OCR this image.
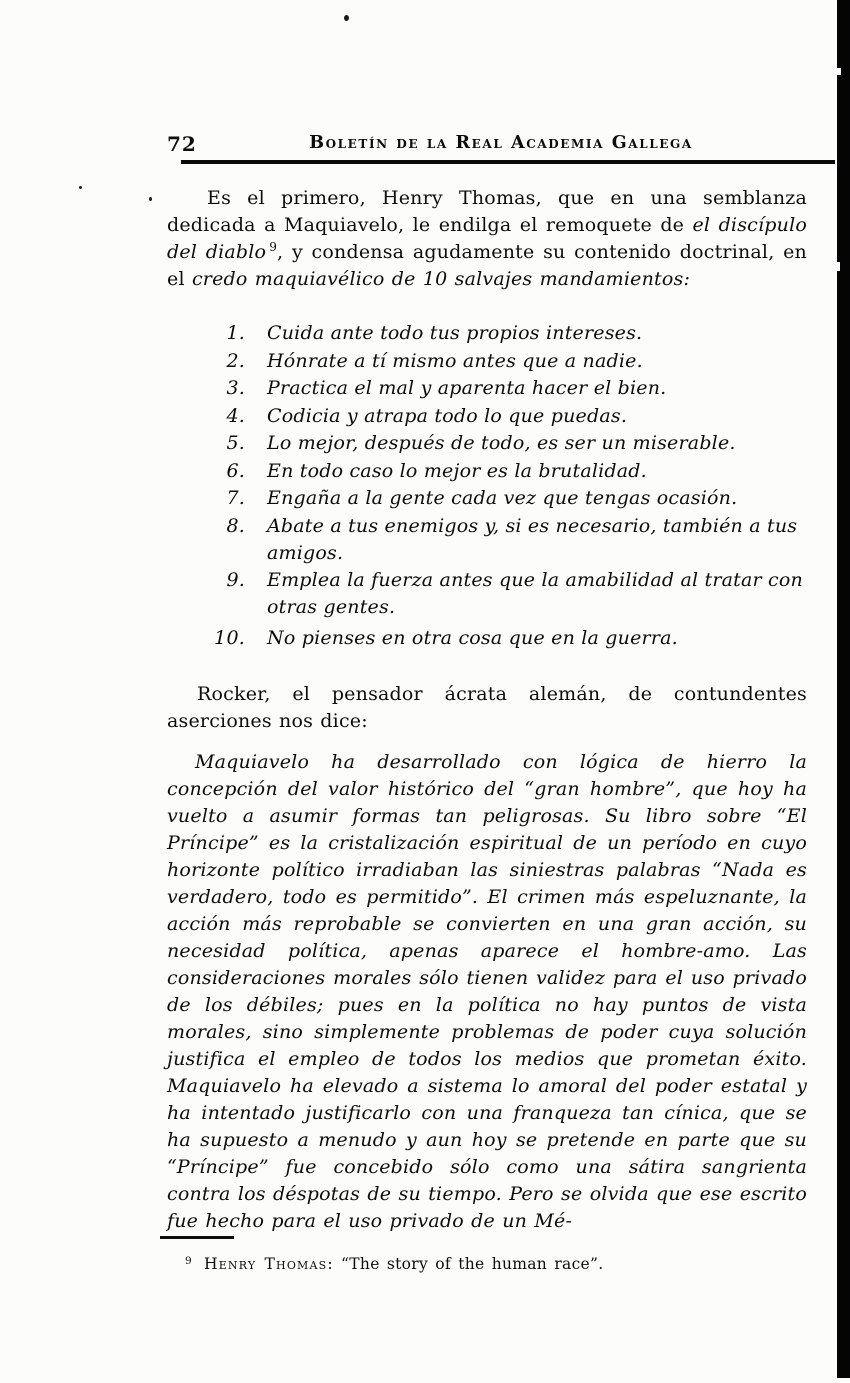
72	Boletín de la Real Academia Gallega

Es el primero, Henry Thomas, que en una semblanza dedicada a Maquiavelo, le endilga el remoquete de el discípulo del diablo $^9$, y condensa agudamente su contenido doctrinal, en el credo maquiavélico de 10 salvajes mandamientos:

1. Cuida ante todo tus propios intereses.
2. Hónrate a tí mismo antes que a nadie.
3. Practica el mal y aparenta hacer el bien.
4. Codicia y atrapa todo lo que puedas.
5. Lo mejor, después de todo, es ser un miserable.
6. En todo caso lo mejor es la brutalidad.
7. Engaña a la gente cada vez que tengas ocasión.
8. Abate a tus enemigos y, si es necesario, también a tus amigos.
9. Emplea la fuerza antes que la amabilidad al tratar con otras gentes.
10. No pienses en otra cosa que en la guerra.

Rocker, el pensador ácrata alemán, de contundentes aserciones nos dice:

Maquiavelo ha desarrollado con lógica de hierro la concepción del valor histórico del “gran hombre”, que hoy ha vuelto a asumir formas tan peligrosas. Su libro sobre “El Príncipe” es la cristalización espiritual de un período en cuyo horizonte político irradiaban las siniestras palabras “Nada es verdadero, todo es permitido”. El crimen más espeluznante, la acción más reprobable se convierten en una gran acción, su necesidad política, apenas aparece el hombre-amo. Las consideraciones morales sólo tienen validez para el uso privado de los débiles; pues en la política no hay puntos de vista morales, sino simplemente problemas de poder cuya solución justifica el empleo de todos los medios que prometan éxito. Maquiavelo ha elevado a sistema lo amoral del poder estatal y ha intentado justificarlo con una franqueza tan cínica, que se ha supuesto a menudo y aun hoy se pretende en parte que su “Príncipe” fue concebido sólo como una sátira sangrienta contra los déspotas de su tiempo. Pero se olvida que ese escrito fue hecho para el uso privado de un Mé-

$^9$ Henry Thomas: “The story of the human race”.
